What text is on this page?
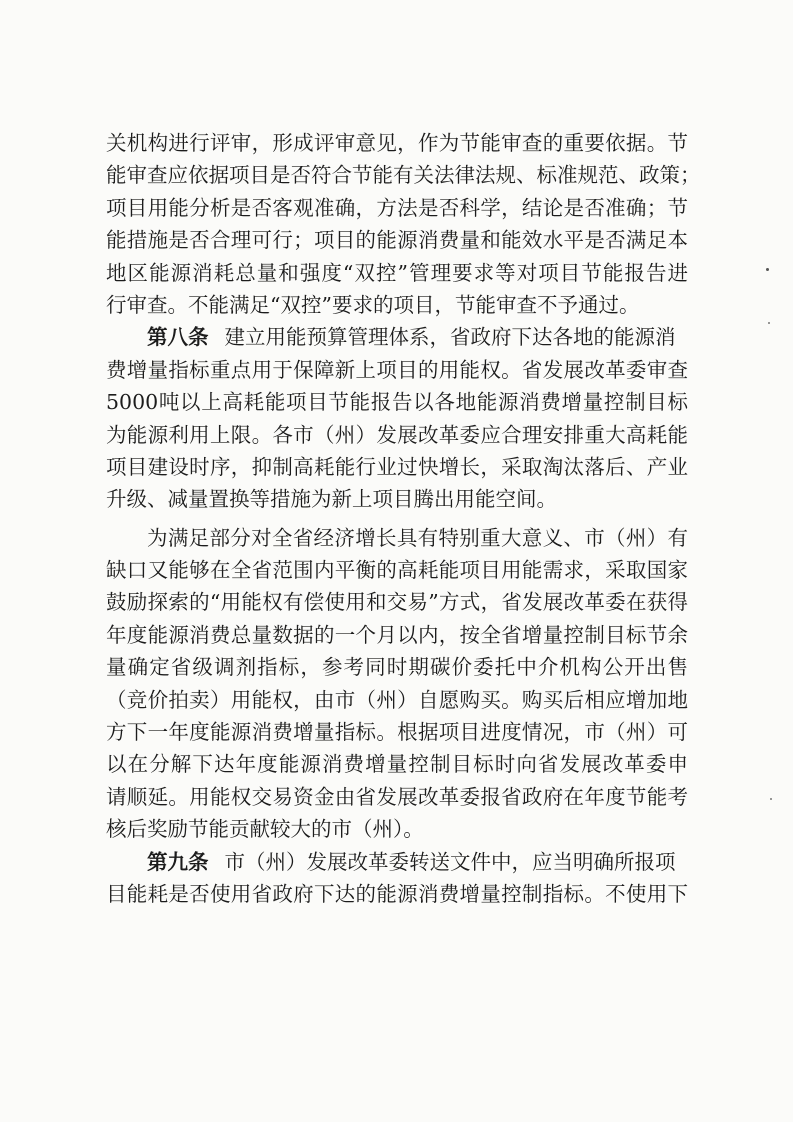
关机构进行评审，形成评审意见，作为节能审查的重要依据。节
能审查应依据项目是否符合节能有关法律法规、标准规范、政策；
项目用能分析是否客观准确，方法是否科学，结论是否准确；节
能措施是否合理可行；项目的能源消费量和能效水平是否满足本
地区能源消耗总量和强度“双控”管理要求等对项目节能报告进
行审查。不能满足“双控”要求的项目，节能审查不予通过。
第八条 建立用能预算管理体系，省政府下达各地的能源消
费增量指标重点用于保障新上项目的用能权。省发展改革委审查
5000吨以上高耗能项目节能报告以各地能源消费增量控制目标
为能源利用上限。各市（州）发展改革委应合理安排重大高耗能
项目建设时序，抑制高耗能行业过快增长，采取淘汰落后、产业
升级、减量置换等措施为新上项目腾出用能空间。
为满足部分对全省经济增长具有特别重大意义、市（州）有
缺口又能够在全省范围内平衡的高耗能项目用能需求，采取国家
鼓励探索的“用能权有偿使用和交易”方式，省发展改革委在获得
年度能源消费总量数据的一个月以内，按全省增量控制目标节余
量确定省级调剂指标，参考同时期碳价委托中介机构公开出售
（竞价拍卖）用能权，由市（州）自愿购买。购买后相应增加地
方下一年度能源消费增量指标。根据项目进度情况，市（州）可
以在分解下达年度能源消费增量控制目标时向省发展改革委申
请顺延。用能权交易资金由省发展改革委报省政府在年度节能考
核后奖励节能贡献较大的市（州）。
第九条 市（州）发展改革委转送文件中，应当明确所报项
目能耗是否使用省政府下达的能源消费增量控制指标。不使用下
